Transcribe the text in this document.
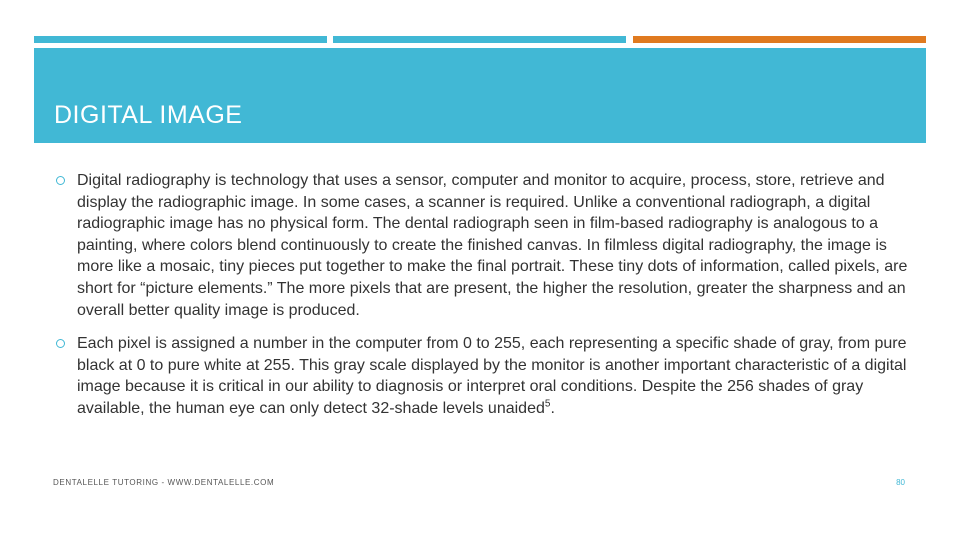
DIGITAL IMAGE
Digital radiography is technology that uses a sensor, computer and monitor to acquire, process, store, retrieve and display the radiographic image. In some cases, a scanner is required. Unlike a conventional radiograph, a digital radiographic image has no physical form. The dental radiograph seen in film-based radiography is analogous to a painting, where colors blend continuously to create the finished canvas. In filmless digital radiography, the image is more like a mosaic, tiny pieces put together to make the final portrait. These tiny dots of information, called pixels, are short for “picture elements.” The more pixels that are present, the higher the resolution, greater the sharpness and an overall better quality image is produced.
Each pixel is assigned a number in the computer from 0 to 255, each representing a specific shade of gray, from pure black at 0 to pure white at 255. This gray scale displayed by the monitor is another important characteristic of a digital image because it is critical in our ability to diagnosis or interpret oral conditions. Despite the 256 shades of gray available, the human eye can only detect 32-shade levels unaided$^5$.
DENTALELLE TUTORING - WWW.DENTALELLE.COM	80
